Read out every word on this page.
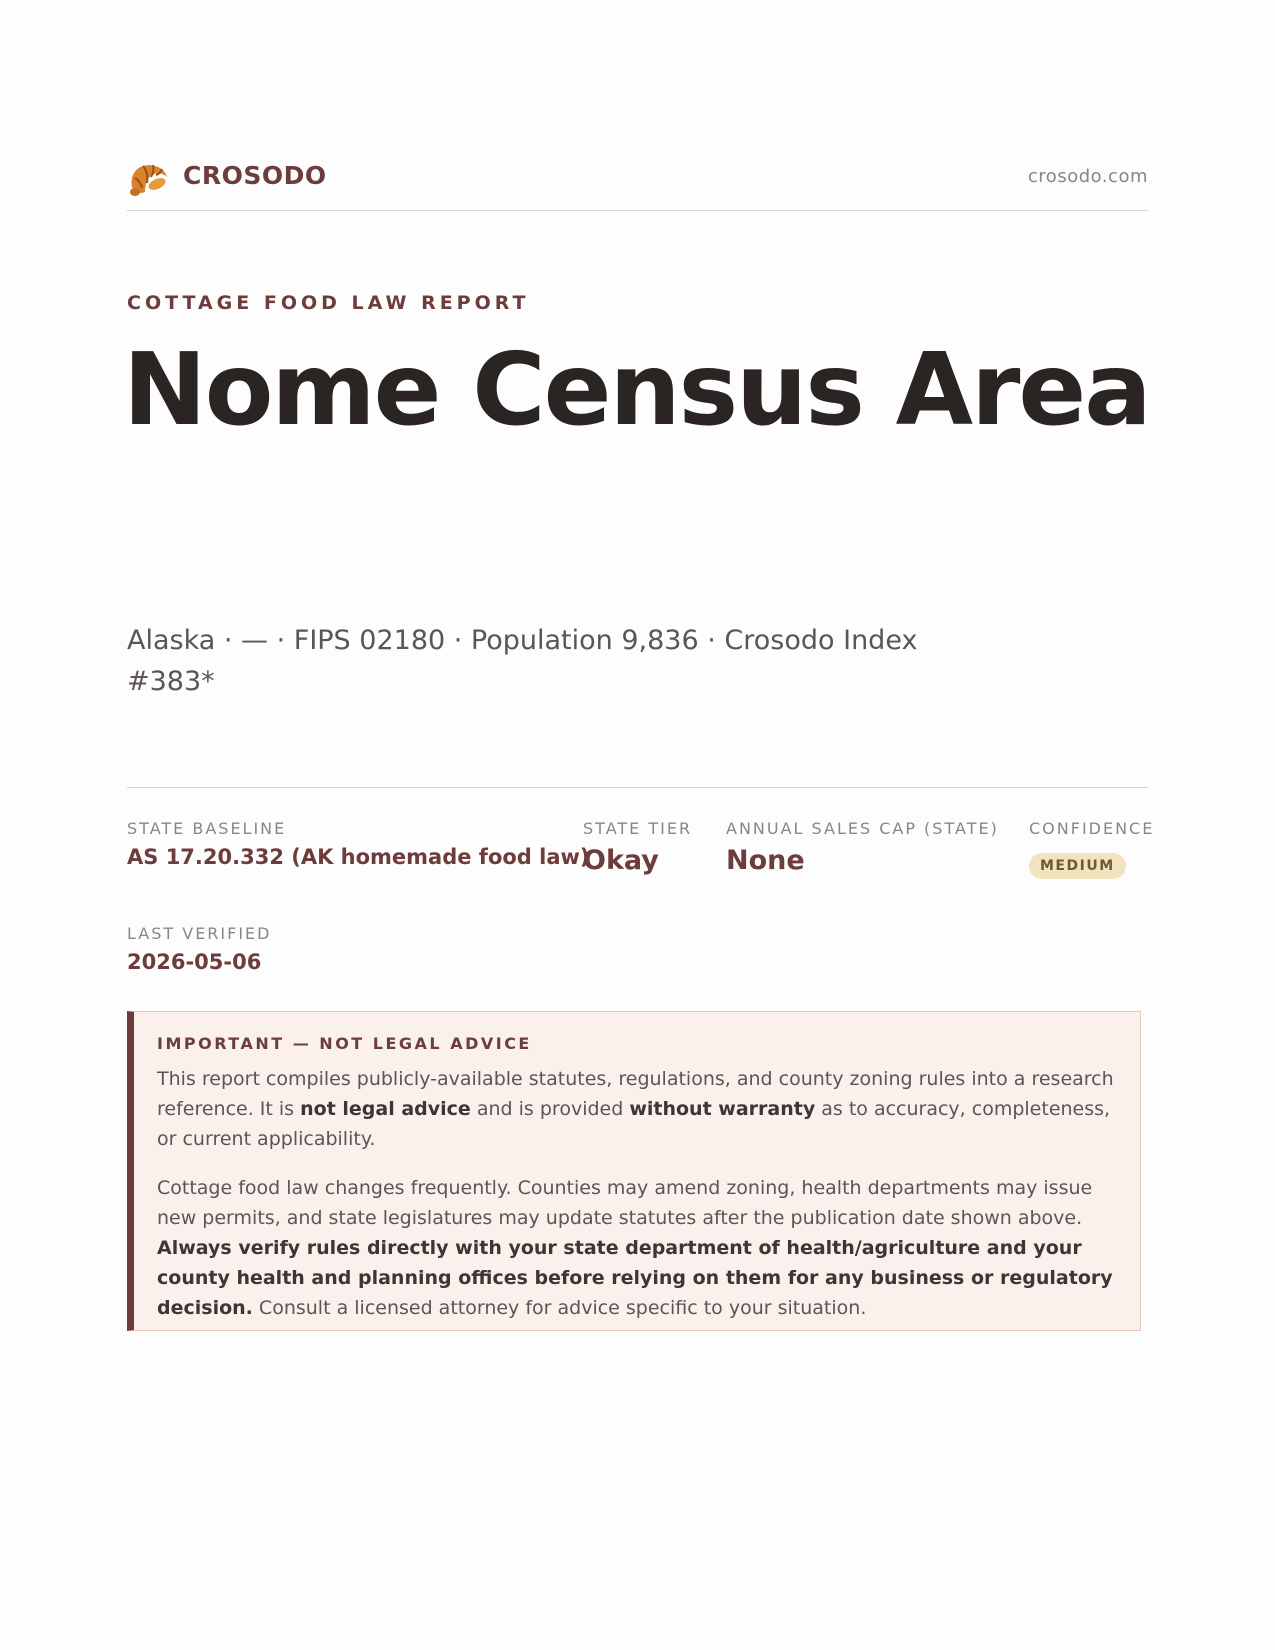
CROSODO	crosodo.com
COTTAGE FOOD LAW REPORT
Nome Census Area
Alaska · — · FIPS 02180 · Population 9,836 · Crosodo Index #383*
STATE BASELINE
AS 17.20.332 (AK homemade food law)
STATE TIER
Okay
ANNUAL SALES CAP (STATE)
None
CONFIDENCE
MEDIUM
LAST VERIFIED
2026-05-06
IMPORTANT — NOT LEGAL ADVICE
This report compiles publicly-available statutes, regulations, and county zoning rules into a research reference. It is not legal advice and is provided without warranty as to accuracy, completeness, or current applicability.
Cottage food law changes frequently. Counties may amend zoning, health departments may issue new permits, and state legislatures may update statutes after the publication date shown above. Always verify rules directly with your state department of health/agriculture and your county health and planning offices before relying on them for any business or regulatory decision. Consult a licensed attorney for advice specific to your situation.
